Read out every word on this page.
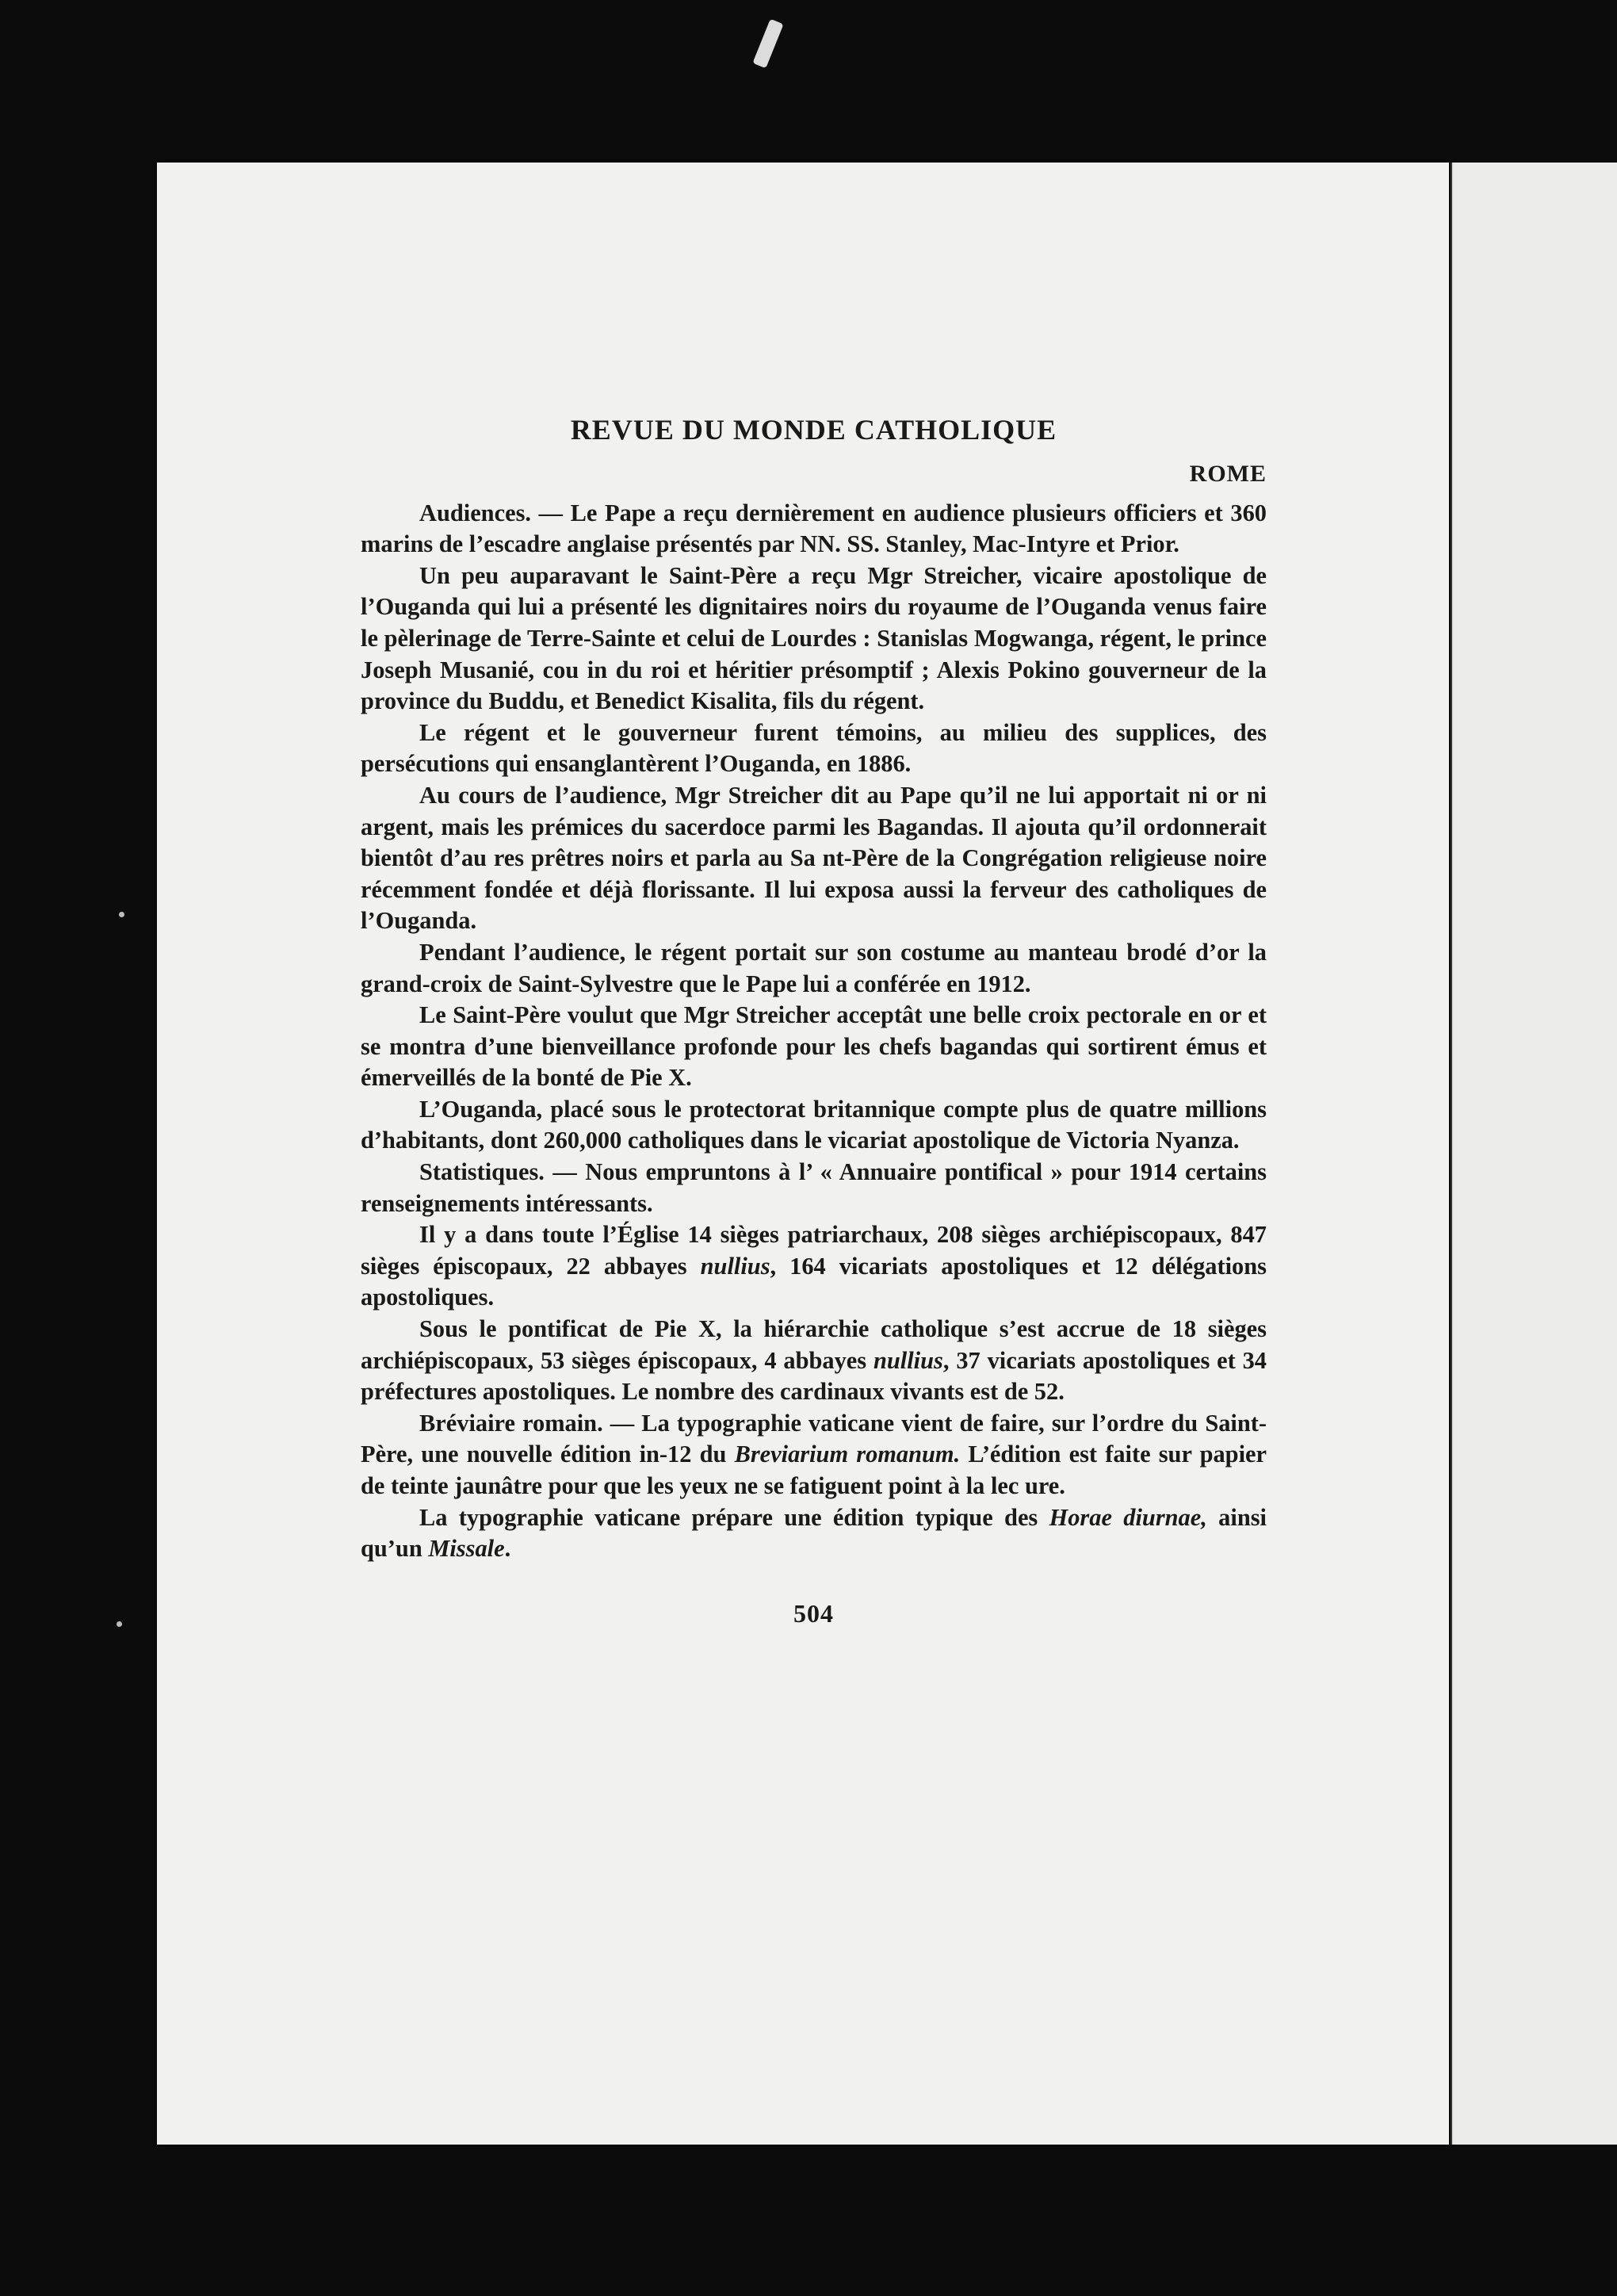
REVUE DU MONDE CATHOLIQUE
ROME

Audiences. — Le Pape a reçu dernièrement en audience plusieurs officiers et 360 marins de l’escadre anglaise présentés par NN. SS. Stanley, Mac-Intyre et Prior.

Un peu auparavant le Saint-Père a reçu Mgr Streicher, vicaire apostolique de l’Ouganda qui lui a présenté les dignitaires noirs du royaume de l’Ouganda venus faire le pèlerinage de Terre-Sainte et celui de Lourdes : Stanislas Mogwanga, régent, le prince Joseph Musanié, cou in du roi et héritier présomptif ; Alexis Pokino gouverneur de la province du Buddu, et Benedict Kisalita, fils du régent.

Le régent et le gouverneur furent témoins, au milieu des supplices, des persécutions qui ensanglantèrent l’Ouganda, en 1886.

Au cours de l’audience, Mgr Streicher dit au Pape qu’il ne lui apportait ni or ni argent, mais les prémices du sacerdoce parmi les Bagandas. Il ajouta qu’il ordonnerait bientôt d’au res prêtres noirs et parla au Sa nt-Père de la Congrégation religieuse noire récemment fondée et déjà florissante. Il lui exposa aussi la ferveur des catholiques de l’Ouganda.

Pendant l’audience, le régent portait sur son costume au manteau brodé d’or la grand-croix de Saint-Sylvestre que le Pape lui a conférée en 1912.

Le Saint-Père voulut que Mgr Streicher acceptât une belle croix pectorale en or et se montra d’une bienveillance profonde pour les chefs bagandas qui sortirent émus et émerveillés de la bonté de Pie X.

L’Ouganda, placé sous le protectorat britannique compte plus de quatre millions d’habitants, dont 260,000 catholiques dans le vicariat apostolique de Victoria Nyanza.

Statistiques. — Nous empruntons à l’ « Annuaire pontifical » pour 1914 certains renseignements intéressants.

Il y a dans toute l’Église 14 sièges patriarchaux, 208 sièges archiépiscopaux, 847 sièges épiscopaux, 22 abbayes nullius, 164 vicariats apostoliques et 12 délégations apostoliques.

Sous le pontificat de Pie X, la hiérarchie catholique s’est accrue de 18 sièges archiépiscopaux, 53 sièges épiscopaux, 4 abbayes nullius, 37 vicariats apostoliques et 34 préfectures apostoliques. Le nombre des cardinaux vivants est de 52.

Bréviaire romain. — La typographie vaticane vient de faire, sur l’ordre du Saint-Père, une nouvelle édition in-12 du Breviarium romanum. L’édition est faite sur papier de teinte jaunâtre pour que les yeux ne se fatiguent point à la lec ure.

La typographie vaticane prépare une édition typique des Horae diurnae, ainsi qu’un Missale.

504
